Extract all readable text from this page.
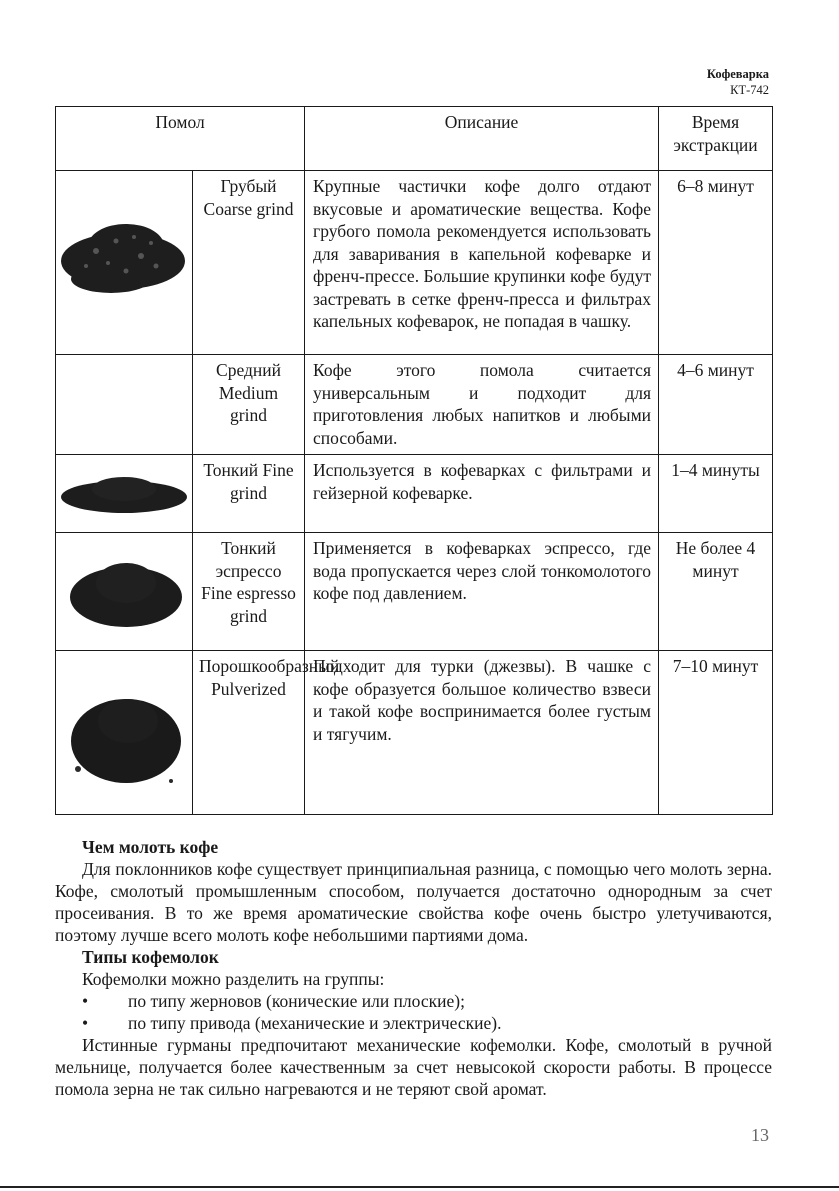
Кофеварка
КТ-742
Помол		Описание	Время экстракции

	Грубый Coarse grind	Крупные частички кофе долго отдают вкусовые и ароматические вещества. Кофе грубого помола рекомендуется использовать для заваривания в капельной кофеварке и френч-прессе. Большие крупинки кофе будут застревать в сетке френч-пресса и фильтрах капельных кофеварок, не попадая в чашку.	6–8 минут
	Средний Medium grind	Кофе этого помола считается универсальным и подходит для приготовления любых напитков и любыми способами.	4–6 минут

	Тонкий Fine grind	Используется в кофеварках с фильтрами и гейзерной кофеварке.	1–4 минуты

	Тонкий эспрессо Fine espresso grind	Применяется в кофеварках эспрессо, где вода пропускается через слой тонкомолотого кофе под давлением.	Не более 4 минут

	Порошкообразный Pulverized	Подходит для турки (джезвы). В чашке с кофе образуется большое количество взвеси и такой кофе воспринимается более густым и тягучим.	7–10 минут
Чем молоть кофе

Для поклонников кофе существует принципиальная разница, с помощью чего молоть зерна. Кофе, смолотый промышленным способом, получается достаточно однородным за счет просеивания. В то же время ароматические свойства кофе очень быстро улетучиваются, поэтому лучше всего молоть кофе небольшими партиями дома.

Типы кофемолок

Кофемолки можно разделить на группы:

•	по типу жерновов (конические или плоские);
•	по типу привода (механические и электрические).

Истинные гурманы предпочитают механические кофемолки. Кофе, смолотый в ручной мельнице, получается более качественным за счет невысокой скорости работы. В процессе помола зерна не так сильно нагреваются и не теряют свой аромат.

13
